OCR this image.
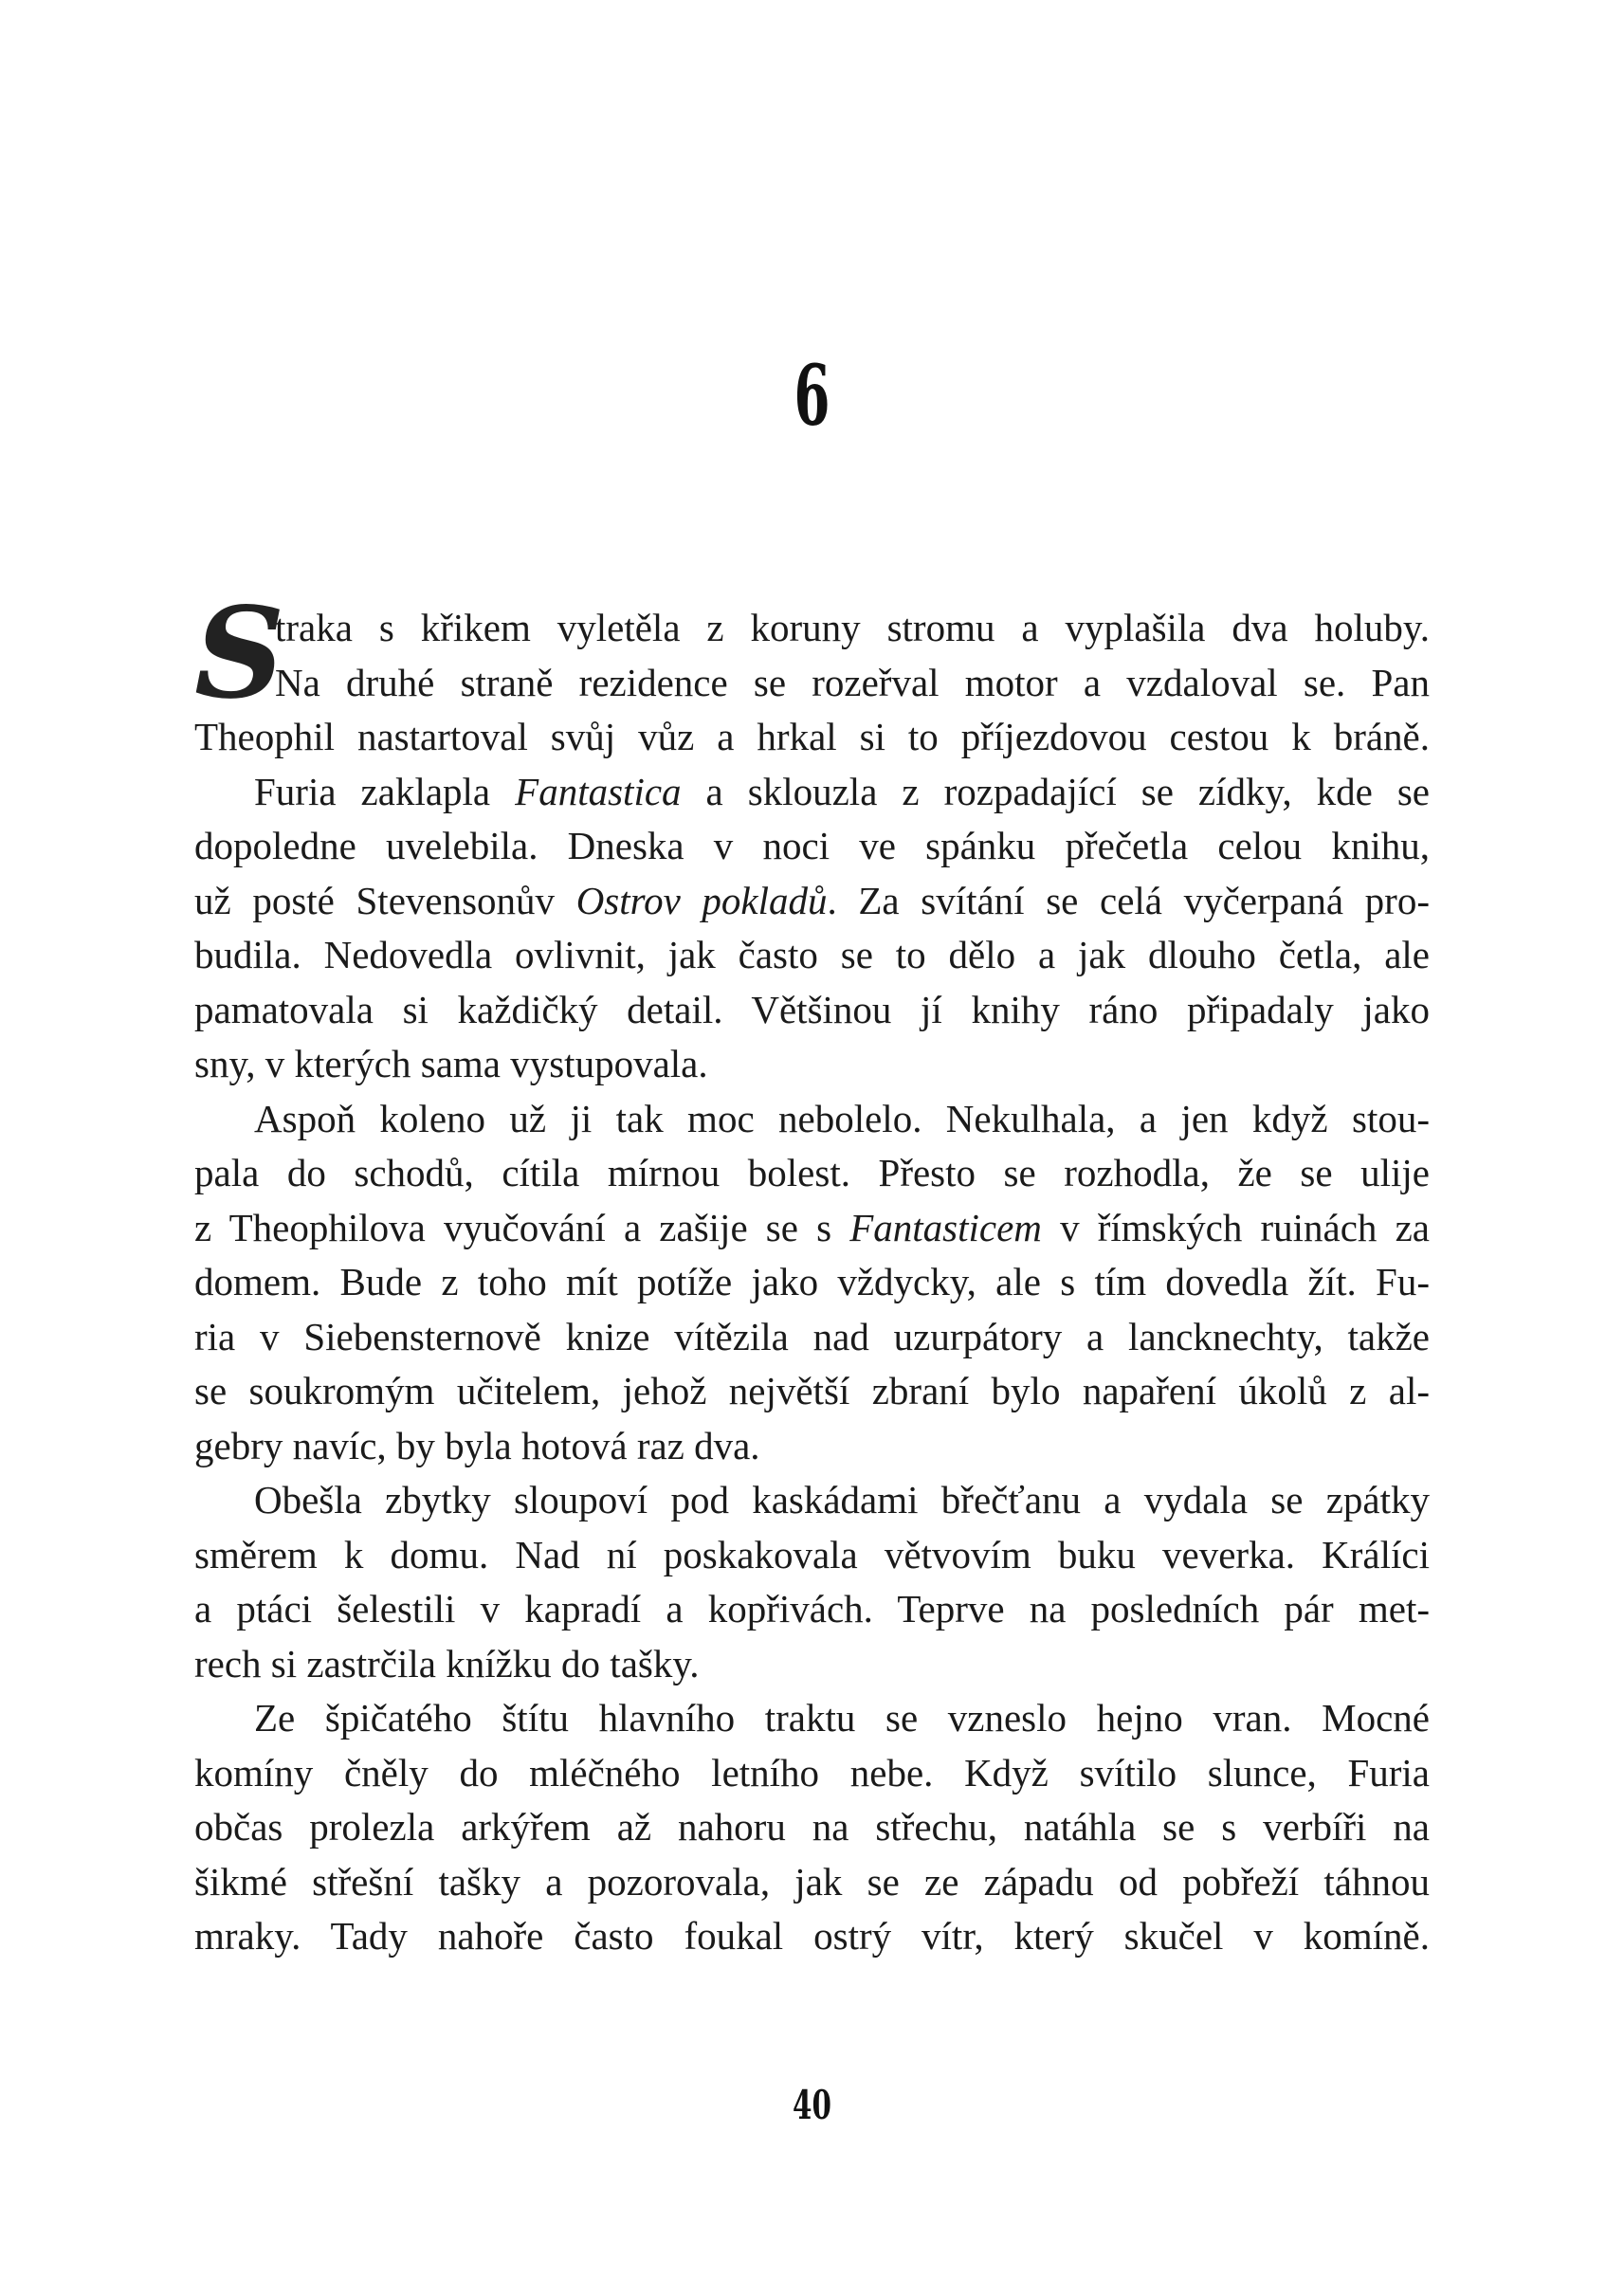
6
S
traka s křikem vyletěla z koruny stromu a vyplašila dva holuby.
Na druhé straně rezidence se rozeřval motor a vzdaloval se. Pan
Theophil nastartoval svůj vůz a hrkal si to příjezdovou cestou k bráně.
Furia zaklapla Fantastica a sklouzla z rozpadající se zídky, kde se
dopoledne uvelebila. Dneska v noci ve spánku přečetla celou knihu,
už posté Stevensonův Ostrov pokladů. Za svítání se celá vyčerpaná pro-
budila. Nedovedla ovlivnit, jak často se to dělo a jak dlouho četla, ale
pamatovala si každičký detail. Většinou jí knihy ráno připadaly jako
sny, v kterých sama vystupovala.
Aspoň koleno už ji tak moc nebolelo. Nekulhala, a jen když stou-
pala do schodů, cítila mírnou bolest. Přesto se rozhodla, že se ulije
z Theophilova vyučování a zašije se s Fantasticem v římských ruinách za
domem. Bude z toho mít potíže jako vždycky, ale s tím dovedla žít. Fu-
ria v Siebensternově knize vítězila nad uzurpátory a lancknechty, takže
se soukromým učitelem, jehož největší zbraní bylo napaření úkolů z al-
gebry navíc, by byla hotová raz dva.
Obešla zbytky sloupoví pod kaskádami břečťanu a vydala se zpátky
směrem k domu. Nad ní poskakovala větvovím buku veverka. Králíci
a ptáci šelestili v kapradí a kopřivách. Teprve na posledních pár met-
rech si zastrčila knížku do tašky.
Ze špičatého štítu hlavního traktu se vzneslo hejno vran. Mocné
komíny čněly do mléčného letního nebe. Když svítilo slunce, Furia
občas prolezla arkýřem až nahoru na střechu, natáhla se s verbíři na
šikmé střešní tašky a pozorovala, jak se ze západu od pobřeží táhnou
mraky. Tady nahoře často foukal ostrý vítr, který skučel v komíně.
40
